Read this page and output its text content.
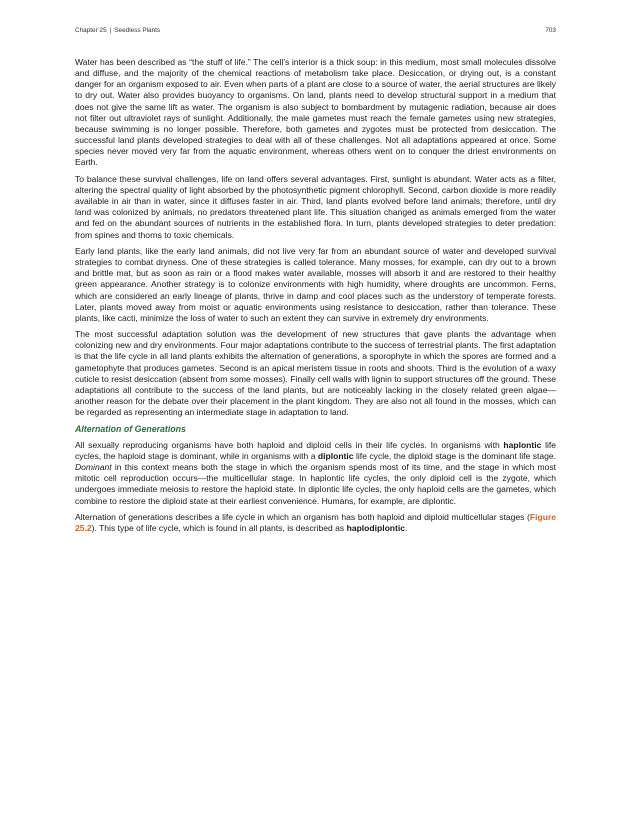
Chapter 25 | Seedless Plants	703

Water has been described as “the stuff of life.” The cell’s interior is a thick soup: in this medium, most small molecules dissolve and diffuse, and the majority of the chemical reactions of metabolism take place. Desiccation, or drying out, is a constant danger for an organism exposed to air. Even when parts of a plant are close to a source of water, the aerial structures are likely to dry out. Water also provides buoyancy to organisms. On land, plants need to develop structural support in a medium that does not give the same lift as water. The organism is also subject to bombardment by mutagenic radiation, because air does not filter out ultraviolet rays of sunlight. Additionally, the male gametes must reach the female gametes using new strategies, because swimming is no longer possible. Therefore, both gametes and zygotes must be protected from desiccation. The successful land plants developed strategies to deal with all of these challenges. Not all adaptations appeared at once. Some species never moved very far from the aquatic environment, whereas others went on to conquer the driest environments on Earth.

To balance these survival challenges, life on land offers several advantages. First, sunlight is abundant. Water acts as a filter, altering the spectral quality of light absorbed by the photosynthetic pigment chlorophyll. Second, carbon dioxide is more readily available in air than in water, since it diffuses faster in air. Third, land plants evolved before land animals; therefore, until dry land was colonized by animals, no predators threatened plant life. This situation changed as animals emerged from the water and fed on the abundant sources of nutrients in the established flora. In turn, plants developed strategies to deter predation: from spines and thorns to toxic chemicals.

Early land plants, like the early land animals, did not live very far from an abundant source of water and developed survival strategies to combat dryness. One of these strategies is called tolerance. Many mosses, for example, can dry out to a brown and brittle mat, but as soon as rain or a flood makes water available, mosses will absorb it and are restored to their healthy green appearance. Another strategy is to colonize environments with high humidity, where droughts are uncommon. Ferns, which are considered an early lineage of plants, thrive in damp and cool places such as the understory of temperate forests. Later, plants moved away from moist or aquatic environments using resistance to desiccation, rather than tolerance. These plants, like cacti, minimize the loss of water to such an extent they can survive in extremely dry environments.

The most successful adaptation solution was the development of new structures that gave plants the advantage when colonizing new and dry environments. Four major adaptations contribute to the success of terrestrial plants. The first adaptation is that the life cycle in all land plants exhibits the alternation of generations, a sporophyte in which the spores are formed and a gametophyte that produces gametes. Second is an apical meristem tissue in roots and shoots. Third is the evolution of a waxy cuticle to resist desiccation (absent from some mosses). Finally cell walls with lignin to support structures off the ground. These adaptations all contribute to the success of the land plants, but are noticeably lacking in the closely related green algae—another reason for the debate over their placement in the plant kingdom. They are also not all found in the mosses, which can be regarded as representing an intermediate stage in adaptation to land.

Alternation of Generations

All sexually reproducing organisms have both haploid and diploid cells in their life cycles. In organisms with haplontic life cycles, the haploid stage is dominant, while in organisms with a diplontic life cycle, the diploid stage is the dominant life stage. Dominant in this context means both the stage in which the organism spends most of its time, and the stage in which most mitotic cell reproduction occurs—the multicellular stage. In haplontic life cycles, the only diploid cell is the zygote, which undergoes immediate meiosis to restore the haploid state. In diplontic life cycles, the only haploid cells are the gametes, which combine to restore the diploid state at their earliest convenience. Humans, for example, are diplontic.

Alternation of generations describes a life cycle in which an organism has both haploid and diploid multicellular stages (Figure 25.2). This type of life cycle, which is found in all plants, is described as haplodiplontic.
